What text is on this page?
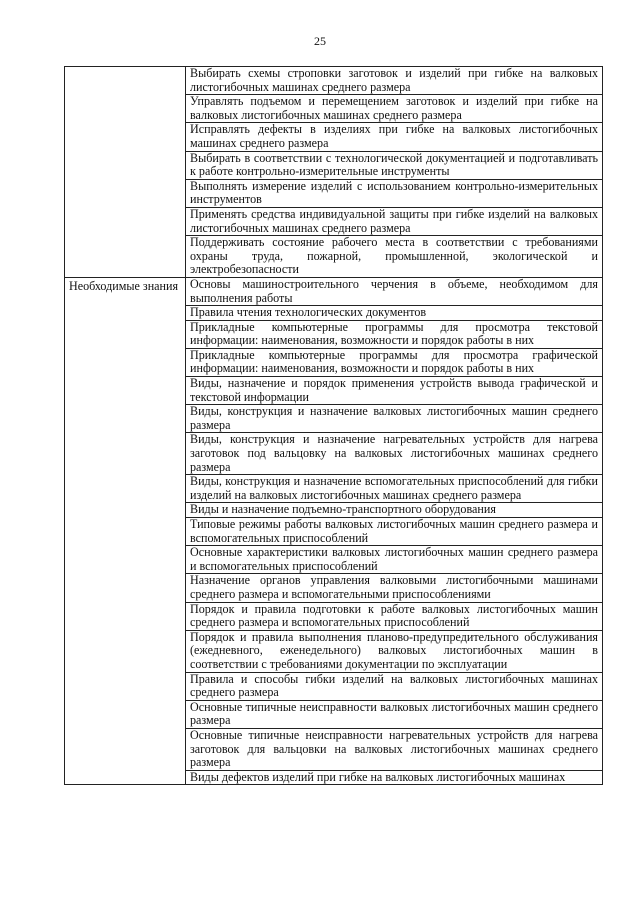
25
	Выбирать схемы строповки заготовок и изделий при гибке на валковых листогибочных машинах среднего размера
	Управлять подъемом и перемещением заготовок и изделий при гибке на валковых листогибочных машинах среднего размера
	Исправлять дефекты в изделиях при гибке на валковых листогибочных машинах среднего размера
	Выбирать в соответствии с технологической документацией и подготавливать к работе контрольно-измерительные инструменты
	Выполнять измерение изделий с использованием контрольно-измерительных инструментов
	Применять средства индивидуальной защиты при гибке изделий на валковых листогибочных машинах среднего размера
	Поддерживать состояние рабочего места в соответствии с требованиями охраны труда, пожарной, промышленной, экологической и электробезопасности
Необходимые знания	Основы машиностроительного черчения в объеме, необходимом для выполнения работы
	Правила чтения технологических документов
	Прикладные компьютерные программы для просмотра текстовой информации: наименования, возможности и порядок работы в них
	Прикладные компьютерные программы для просмотра графической информации: наименования, возможности и порядок работы в них
	Виды, назначение и порядок применения устройств вывода графической и текстовой информации
	Виды, конструкция и назначение валковых листогибочных машин среднего размера
	Виды, конструкция и назначение нагревательных устройств для нагрева заготовок под вальцовку на валковых листогибочных машинах среднего размера
	Виды, конструкция и назначение вспомогательных приспособлений для гибки изделий на валковых листогибочных машинах среднего размера
	Виды и назначение подъемно-транспортного оборудования
	Типовые режимы работы валковых листогибочных машин среднего размера и вспомогательных приспособлений
	Основные характеристики валковых листогибочных машин среднего размера и вспомогательных приспособлений
	Назначение органов управления валковыми листогибочными машинами среднего размера и вспомогательными приспособлениями
	Порядок и правила подготовки к работе валковых листогибочных машин среднего размера и вспомогательных приспособлений
	Порядок и правила выполнения планово-предупредительного обслуживания (ежедневного, еженедельного) валковых листогибочных машин в соответствии с требованиями документации по эксплуатации
	Правила и способы гибки изделий на валковых листогибочных машинах среднего размера
	Основные типичные неисправности валковых листогибочных машин среднего размера
	Основные типичные неисправности нагревательных устройств для нагрева заготовок для вальцовки на валковых листогибочных машинах среднего размера
	Виды дефектов изделий при гибке на валковых листогибочных машинах
